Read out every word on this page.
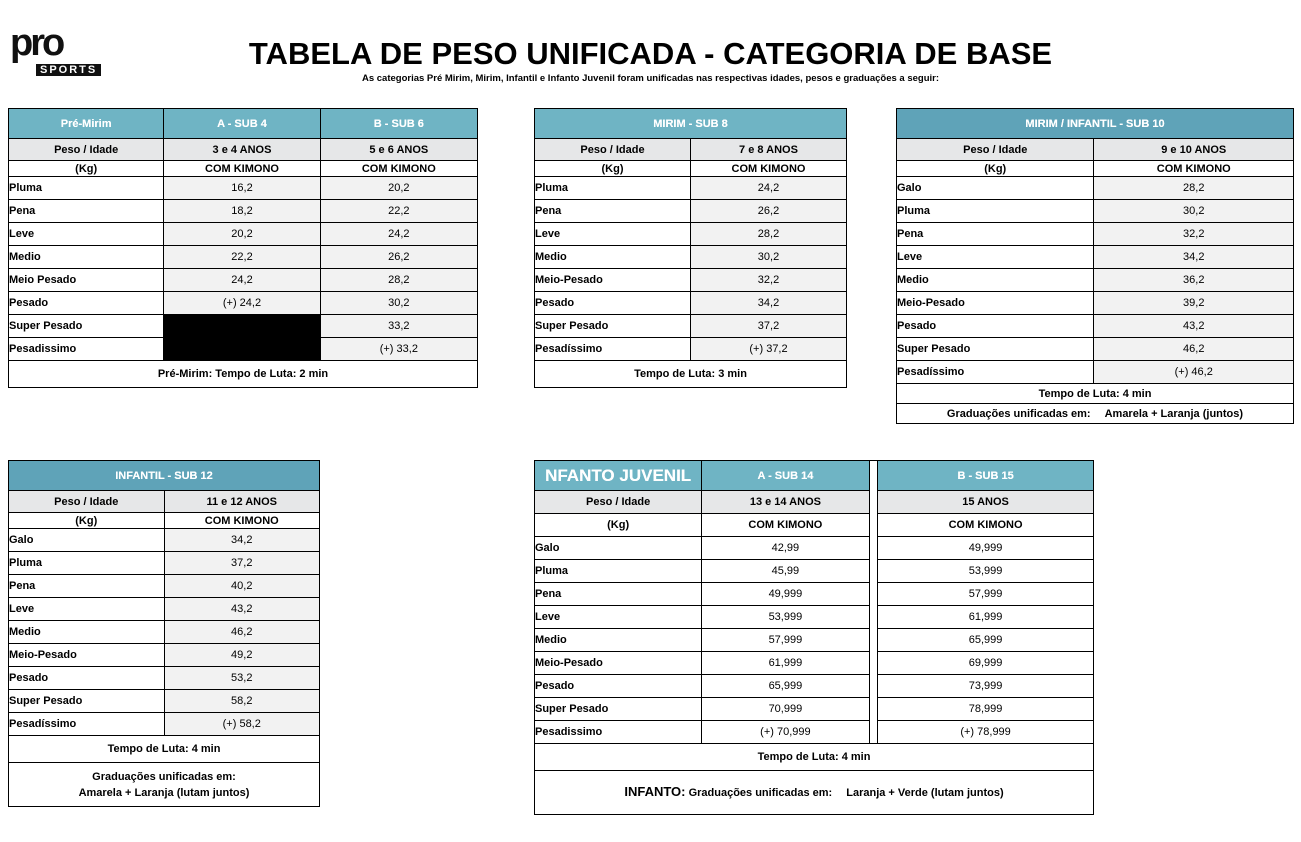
pro
SPORTS	TABELA DE PESO UNIFICADA - CATEGORIA DE BASE
As categorias Pré Mirim, Mirim, Infantil e Infanto Juvenil foram unificadas nas respectivas idades, pesos e graduações a seguir:
Pré-Mirim	A - SUB 4	B - SUB 6
Peso / Idade	3 e 4 ANOS	5 e 6 ANOS
(Kg)	COM KIMONO	COM KIMONO
Pluma	16,2	20,2
Pena	18,2	22,2
Leve	20,2	24,2
Medio	22,2	26,2
Meio Pesado	24,2	28,2
Pesado	(+) 24,2	30,2
Super Pesado		33,2
Pesadissimo		(+) 33,2
Pré-Mirim: Tempo de Luta: 2 min		
MIRIM - SUB 8	
Peso / Idade	7 e 8 ANOS
(Kg)	COM KIMONO
Pluma	24,2
Pena	26,2
Leve	28,2
Medio	30,2
Meio-Pesado	32,2
Pesado	34,2
Super Pesado	37,2
Pesadíssimo	(+) 37,2
Tempo de Luta: 3 min	
MIRIM / INFANTIL - SUB 10	
Peso / Idade	9 e 10 ANOS
(Kg)	COM KIMONO
Galo	28,2
Pluma	30,2
Pena	32,2
Leve	34,2
Medio	36,2
Meio-Pesado	39,2
Pesado	43,2
Super Pesado	46,2
Pesadíssimo	(+) 46,2
Tempo de Luta: 4 min	
Graduações unificadas em: Amarela + Laranja (juntos)	
INFANTIL - SUB 12	
Peso / Idade	11 e 12 ANOS
(Kg)	COM KIMONO
Galo	34,2
Pluma	37,2
Pena	40,2
Leve	43,2
Medio	46,2
Meio-Pesado	49,2
Pesado	53,2
Super Pesado	58,2
Pesadíssimo	(+) 58,2
Tempo de Luta: 4 min	

Graduações unificadas em:
Amarela + Laranja (lutam juntos)	
NFANTO JUVENIL	A - SUB 14		B - SUB 15
Peso / Idade	13 e 14 ANOS		15 ANOS
(Kg)	COM KIMONO		COM KIMONO
Galo	42,99		49,999
Pluma	45,99		53,999
Pena	49,999		57,999
Leve	53,999		61,999
Medio	57,999		65,999
Meio-Pesado	61,999		69,999
Pesado	65,999		73,999
Super Pesado	70,999		78,999
Pesadissimo	(+) 70,999		(+) 78,999
Tempo de Luta: 4 min			
INFANTO: Graduações unificadas em: Laranja + Verde (lutam juntos)			
